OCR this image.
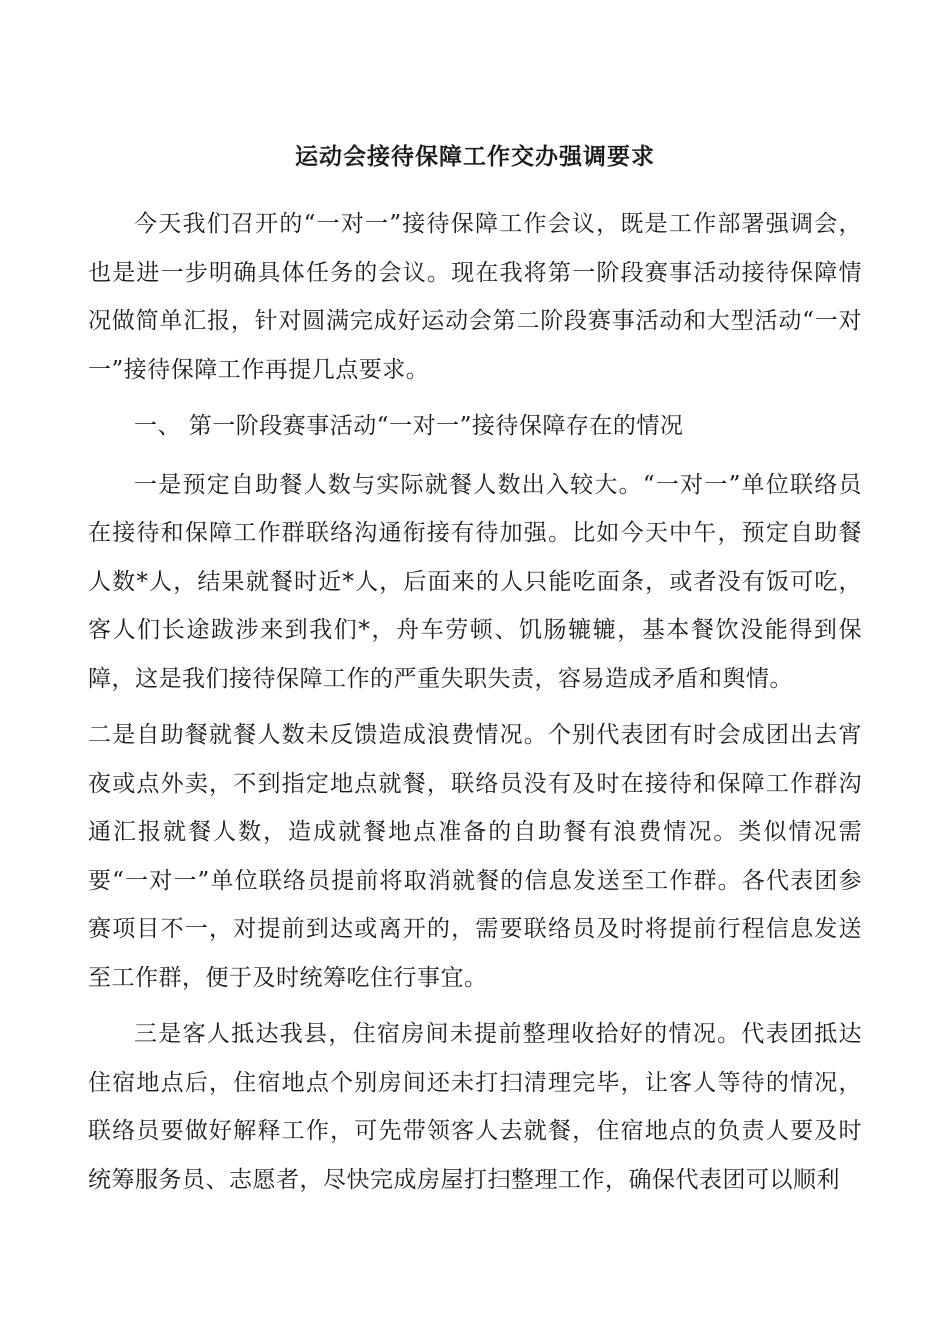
运动会接待保障工作交办强调要求

今天我们召开的“一对一”接待保障工作会议，既是工作部署强调会，也是进一步明确具体任务的会议。现在我将第一阶段赛事活动接待保障情况做简单汇报，针对圆满完成好运动会第二阶段赛事活动和大型活动“一对一”接待保障工作再提几点要求。

一、 第一阶段赛事活动“一对一”接待保障存在的情况

一是预定自助餐人数与实际就餐人数出入较大。“一对一”单位联络员在接待和保障工作群联络沟通衔接有待加强。比如今天中午，预定自助餐人数*人，结果就餐时近*人，后面来的人只能吃面条，或者没有饭可吃，客人们长途跋涉来到我们*，舟车劳顿、饥肠辘辘，基本餐饮没能得到保障，这是我们接待保障工作的严重失职失责，容易造成矛盾和舆情。

二是自助餐就餐人数未反馈造成浪费情况。个别代表团有时会成团出去宵夜或点外卖，不到指定地点就餐，联络员没有及时在接待和保障工作群沟通汇报就餐人数，造成就餐地点准备的自助餐有浪费情况。类似情况需要“一对一”单位联络员提前将取消就餐的信息发送至工作群。各代表团参赛项目不一，对提前到达或离开的，需要联络员及时将提前行程信息发送至工作群，便于及时统筹吃住行事宜。

三是客人抵达我县，住宿房间未提前整理收拾好的情况。代表团抵达住宿地点后，住宿地点个别房间还未打扫清理完毕，让客人等待的情况，联络员要做好解释工作，可先带领客人去就餐，住宿地点的负责人要及时统筹服务员、志愿者，尽快完成房屋打扫整理工作，确保代表团可以顺利
